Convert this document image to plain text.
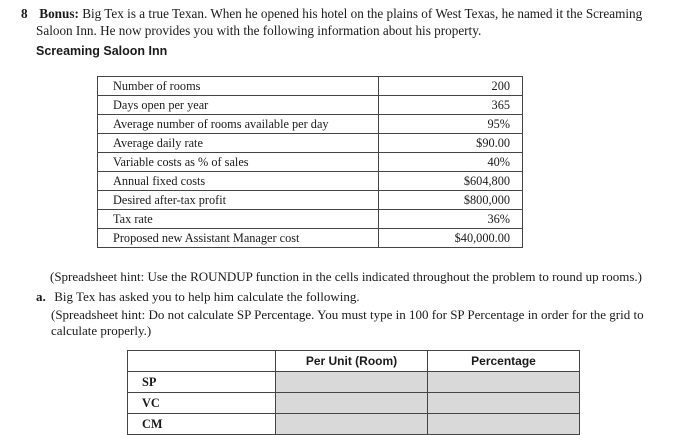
8 Bonus: Big Tex is a true Texan. When he opened his hotel on the plains of West Texas, he named it the Screaming
Saloon Inn. He now provides you with the following information about his property.
Screaming Saloon Inn
Number of rooms	200
Days open per year	365
Average number of rooms available per day	95%
Average daily rate	$90.00
Variable costs as % of sales	40%
Annual fixed costs	$604,800
Desired after-tax profit	$800,000
Tax rate	36%
Proposed new Assistant Manager cost	$40,000.00
(Spreadsheet hint: Use the ROUNDUP function in the cells indicated throughout the problem to round up rooms.)
a. Big Tex has asked you to help him calculate the following.
(Spreadsheet hint: Do not calculate SP Percentage. You must type in 100 for SP Percentage in order for the grid to calculate properly.)
	Per Unit (Room)	Percentage
SP		
VC		
CM		
